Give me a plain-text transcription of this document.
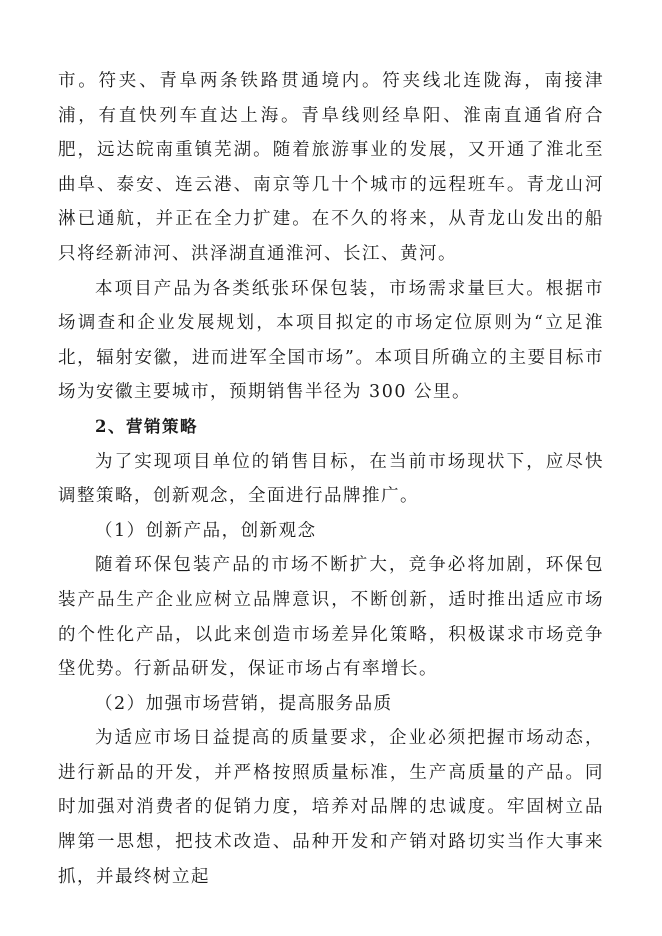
市。符夹、青阜两条铁路贯通境内。符夹线北连陇海，南接津浦，有直快列车直达上海。青阜线则经阜阳、淮南直通省府合肥，远达皖南重镇芜湖。随着旅游事业的发展，又开通了淮北至曲阜、泰安、连云港、南京等几十个城市的远程班车。青龙山河淋已通航，并正在全力扩建。在不久的将来，从青龙山发出的船只将经新沛河、洪泽湖直通淮河、长江、黄河。

本项目产品为各类纸张环保包装，市场需求量巨大。根据市场调查和企业发展规划，本项目拟定的市场定位原则为“立足淮北，辐射安徽，进而进军全国市场”。本项目所确立的主要目标市场为安徽主要城市，预期销售半径为 300 公里。

2、营销策略

为了实现项目单位的销售目标，在当前市场现状下，应尽快调整策略，创新观念，全面进行品牌推广。

（1）创新产品，创新观念

随着环保包装产品的市场不断扩大，竞争必将加剧，环保包装产品生产企业应树立品牌意识，不断创新，适时推出适应市场的个性化产品，以此来创造市场差异化策略，积极谋求市场竞争垡优势。行新品研发，保证市场占有率增长。

（2）加强市场营销，提高服务品质

为适应市场日益提高的质量要求，企业必须把握市场动态，进行新品的开发，并严格按照质量标准，生产高质量的产品。同时加强对消费者的促销力度，培养对品牌的忠诚度。牢固树立品牌第一思想，把技术改造、品种开发和产销对路切实当作大事来抓，并最终树立起
